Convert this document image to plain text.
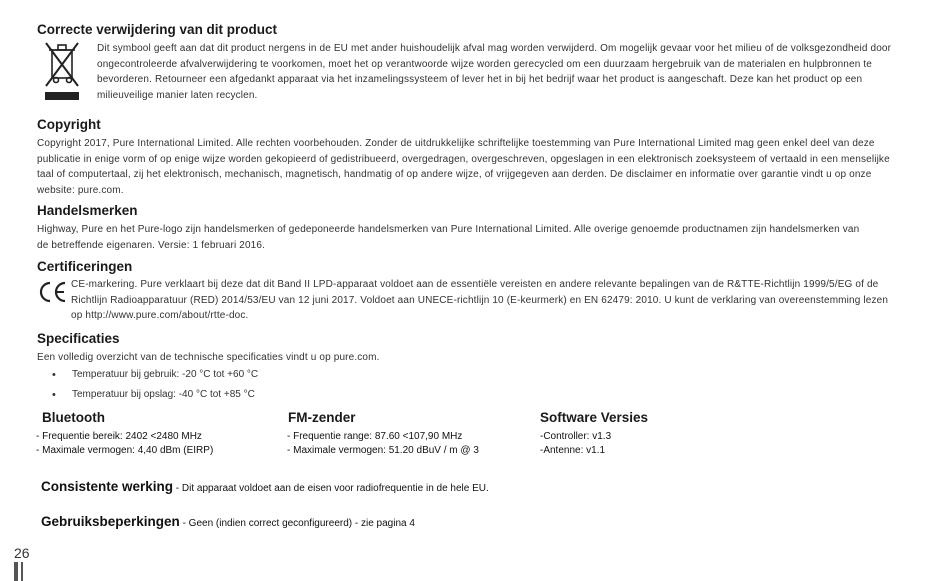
Correcte verwijdering van dit product
Dit symbool geeft aan dat dit product nergens in de EU met ander huishoudelijk afval mag worden verwijderd. Om mogelijk gevaar voor het milieu of de volksgezondheid door ongecontroleerde afvalverwijdering te voorkomen, moet het op verantwoorde wijze worden gerecycled om een duurzaam hergebruik van de materialen en hulpbronnen te bevorderen. Retourneer een afgedankt apparaat via het inzamelingssysteem of lever het in bij het bedrijf waar het product is aangeschaft. Deze kan het product op een milieuveilige manier laten recyclen.
Copyright
Copyright 2017, Pure International Limited. Alle rechten voorbehouden. Zonder de uitdrukkelijke schriftelijke toestemming van Pure International Limited mag geen enkel deel van deze publicatie in enige vorm of op enige wijze worden gekopieerd of gedistribueerd, overgedragen, overgeschreven, opgeslagen in een elektronisch zoeksysteem of vertaald in een menselijke taal of computertaal, zij het elektronisch, mechanisch, magnetisch, handmatig of op andere wijze, of vrijgegeven aan derden. De disclaimer en informatie over garantie vindt u op onze website: pure.com.
Handelsmerken
Highway, Pure en het Pure-logo zijn handelsmerken of gedeponeerde handelsmerken van Pure International Limited. Alle overige genoemde productnamen zijn handelsmerken van de betreffende eigenaren. Versie: 1 februari 2016.
Certificeringen
CE-markering. Pure verklaart bij deze dat dit Band II LPD-apparaat voldoet aan de essentiële vereisten en andere relevante bepalingen van de R&TTE-Richtlijn 1999/5/EG of de Richtlijn Radioapparatuur (RED) 2014/53/EU van 12 juni 2017. Voldoet aan UNECE-richtlijn 10 (E-keurmerk) en EN 62479: 2010. U kunt de verklaring van overeenstemming lezen op http://www.pure.com/about/rtte-doc.
Specificaties
Een volledig overzicht van de technische specificaties vindt u op pure.com.
• Temperatuur bij gebruik: -20 °C tot +60 °C
• Temperatuur bij opslag: -40 °C tot +85 °C
Bluetooth
- Frequentie bereik: 2402 <2480 MHz
- Maximale vermogen: 4,40 dBm (EIRP)
FM-zender
- Frequentie range: 87.60 <107,90 MHz
- Maximale vermogen: 51.20 dBuV / m @ 3
Software Versies
-Controller: v1.3
-Antenne: v1.1
Consistente werking - Dit apparaat voldoet aan de eisen voor radiofrequentie in de hele EU.
Gebruiksbeperkingen - Geen (indien correct geconfigureerd) - zie pagina 4
26
